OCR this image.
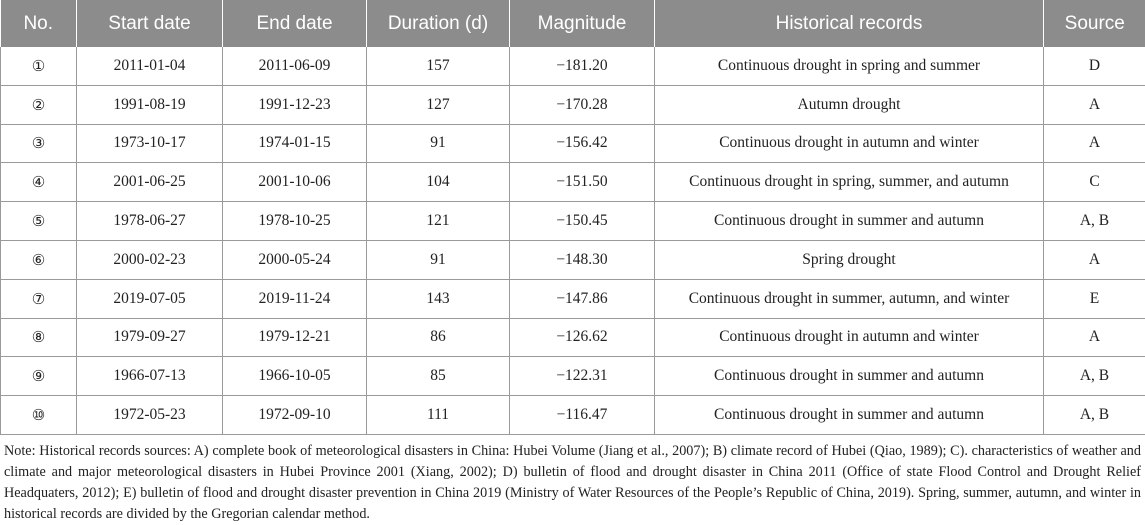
No.	Start date	End date	Duration (d)	Magnitude	Historical records	Source
①	2011-01-04	2011-06-09	157	−181.20	Continuous drought in spring and summer	D
②	1991-08-19	1991-12-23	127	−170.28	Autumn drought	A
③	1973-10-17	1974-01-15	91	−156.42	Continuous drought in autumn and winter	A
④	2001-06-25	2001-10-06	104	−151.50	Continuous drought in spring, summer, and autumn	C
⑤	1978-06-27	1978-10-25	121	−150.45	Continuous drought in summer and autumn	A, B
⑥	2000-02-23	2000-05-24	91	−148.30	Spring drought	A
⑦	2019-07-05	2019-11-24	143	−147.86	Continuous drought in summer, autumn, and winter	E
⑧	1979-09-27	1979-12-21	86	−126.62	Continuous drought in autumn and winter	A
⑨	1966-07-13	1966-10-05	85	−122.31	Continuous drought in summer and autumn	A, B
⑩	1972-05-23	1972-09-10	111	−116.47	Continuous drought in summer and autumn	A, B

Note: Historical records sources: A) complete book of meteorological disasters in China: Hubei Volume (Jiang et al., 2007); B) climate record of Hubei (Qiao, 1989); C). characteristics of weather and climate and major meteorological disasters in Hubei Province 2001 (Xiang, 2002); D) bulletin of flood and drought disaster in China 2011 (Office of state Flood Control and Drought Relief Headquaters, 2012); E) bulletin of flood and drought disaster prevention in China 2019 (Ministry of Water Resources of the People’s Republic of China, 2019). Spring, summer, autumn, and winter in historical records are divided by the Gregorian calendar method.
